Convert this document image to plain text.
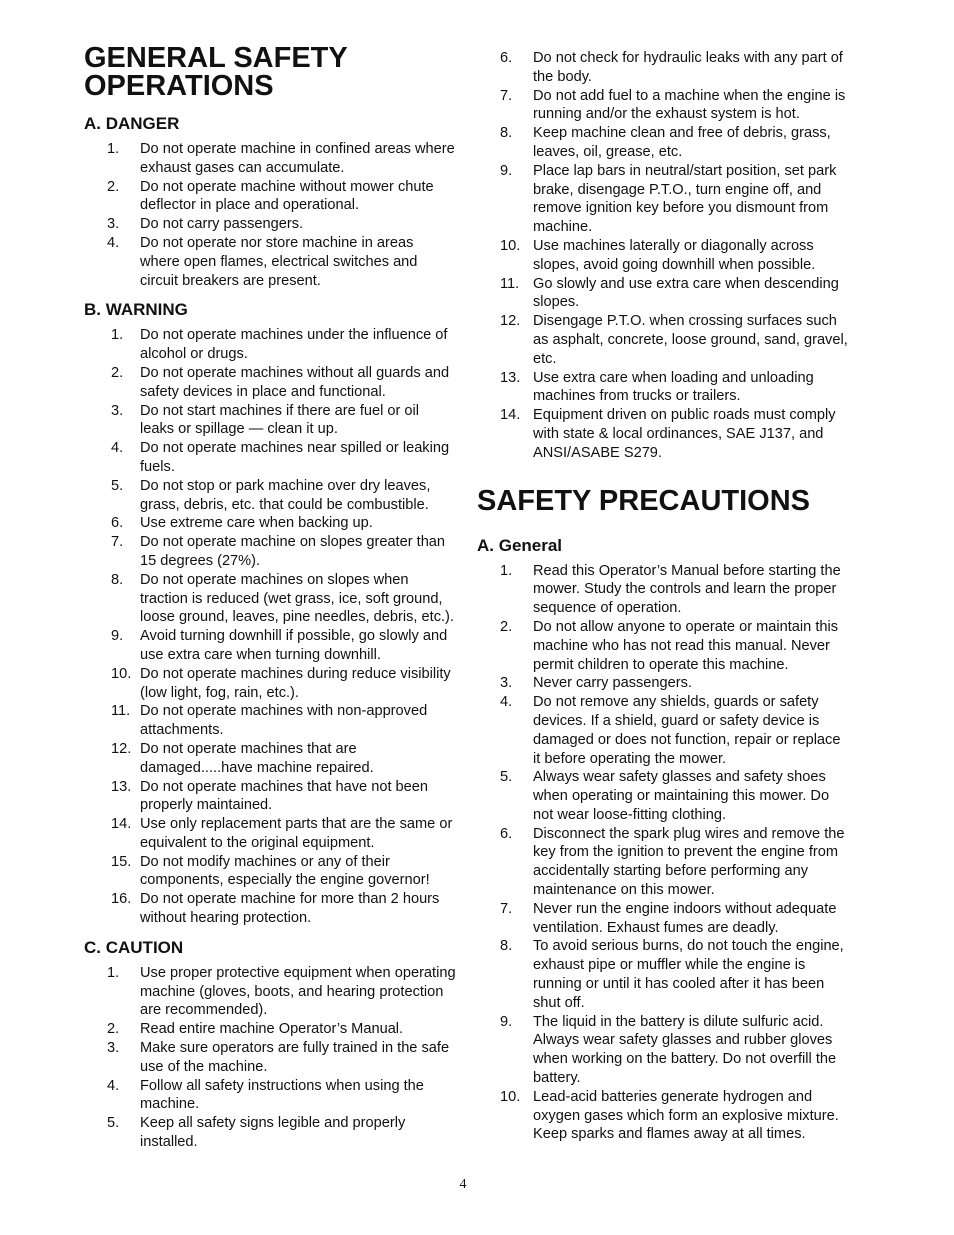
GENERAL SAFETY
OPERATIONS
A. DANGER
1.	Do not operate machine in confined areas where exhaust gases can accumulate.
2.	Do not operate machine without mower chute deflector in place and operational.
3.	Do not carry passengers.
4.	Do not operate nor store machine in areas where open flames, electrical switches and circuit breakers are present.
B. WARNING
1.	Do not operate machines under the influence of alcohol or drugs.
2.	Do not operate machines without all guards and safety devices in place and functional.
3.	Do not start machines if there are fuel or oil leaks or spillage — clean it up.
4.	Do not operate machines near spilled or leaking fuels.
5.	Do not stop or park machine over dry leaves, grass, debris, etc. that could be combustible.
6.	Use extreme care when backing up.
7.	Do not operate machine on slopes greater than 15 degrees (27%).
8.	Do not operate machines on slopes when traction is reduced (wet grass, ice, soft ground, loose ground, leaves, pine needles, debris, etc.).
9.	Avoid turning downhill if possible, go slowly and use extra care when turning downhill.
10. Do not operate machines during reduce visibility (low light, fog, rain, etc.).
11. Do not operate machines with non-approved attachments.
12. Do not operate machines that are damaged.....have machine repaired.
13. Do not operate machines that have not been properly maintained.
14. Use only replacement parts that are the same or equivalent to the original equipment.
15. Do not modify machines or any of their components, especially the engine governor!
16. Do not operate machine for more than 2 hours without hearing protection.
C. CAUTION
1.	Use proper protective equipment when operating machine (gloves, boots, and hearing protection are recommended).
2.	Read entire machine Operator’s Manual.
3.	Make sure operators are fully trained in the safe use of the machine.
4.	Follow all safety instructions when using the machine.
5.	Keep all safety signs legible and properly installed.
6.	Do not check for hydraulic leaks with any part of the body.
7.	Do not add fuel to a machine when the engine is running and/or the exhaust system is hot.
8.	Keep machine clean and free of debris, grass, leaves, oil, grease, etc.
9.	Place lap bars in neutral/start position, set park brake, disengage P.T.O., turn engine off, and remove ignition key before you dismount from machine.
10. Use machines laterally or diagonally across slopes, avoid going downhill when possible.
11. Go slowly and use extra care when descending slopes.
12. Disengage P.T.O. when crossing surfaces such as asphalt, concrete, loose ground, sand, gravel, etc.
13. Use extra care when loading and unloading machines from trucks or trailers.
14. Equipment driven on public roads must comply with state & local ordinances, SAE J137, and ANSI/ASABE S279.
SAFETY PRECAUTIONS
A. General
1.	Read this Operator’s Manual before starting the mower. Study the controls and learn the proper sequence of operation.
2.	Do not allow anyone to operate or maintain this machine who has not read this manual. Never permit children to operate this machine.
3.	Never carry passengers.
4.	Do not remove any shields, guards or safety devices. If a shield, guard or safety device is damaged or does not function, repair or replace it before operating the mower.
5.	Always wear safety glasses and safety shoes when operating or maintaining this mower. Do not wear loose-fitting clothing.
6.	Disconnect the spark plug wires and remove the key from the ignition to prevent the engine from accidentally starting before performing any maintenance on this mower.
7.	Never run the engine indoors without adequate ventilation. Exhaust fumes are deadly.
8.	To avoid serious burns, do not touch the engine, exhaust pipe or muffler while the engine is running or until it has cooled after it has been shut off.
9.	The liquid in the battery is dilute sulfuric acid. Always wear safety glasses and rubber gloves when working on the battery. Do not overfill the battery.
10. Lead-acid batteries generate hydrogen and oxygen gases which form an explosive mixture. Keep sparks and flames away at all times.
4
